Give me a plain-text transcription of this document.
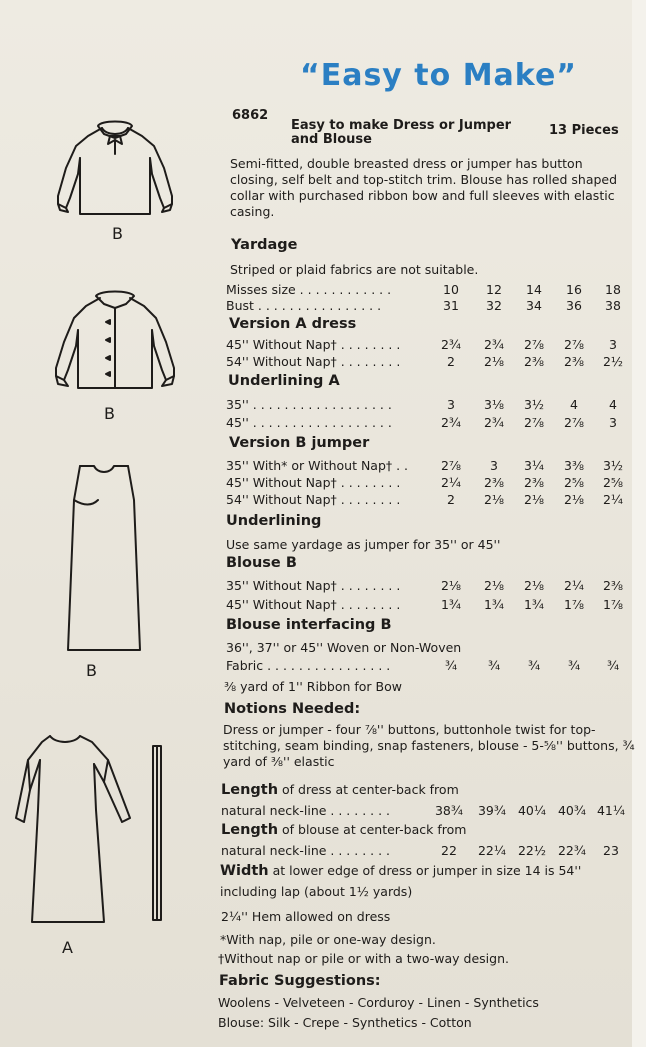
“Easy to Make”
6862
Easy to make Dress or Jumper
and Blouse
13 Pieces
Semi-fitted, double breasted dress or jumper has button closing, self belt and top-stitch trim. Blouse has rolled shaped collar with purchased ribbon bow and full sleeves with elastic casing.
Yardage
Striped or plaid fabrics are not suitable.
Misses size . . . . . . . . . . . .	10	12	14	16	18
Bust . . . . . . . . . . . . . . . .	31	32	34	36	38
Version A dress
45'' Without Nap† . . . . . . . .	2¾	2¾	2⅞	2⅞	3
54'' Without Nap† . . . . . . . .	2	2⅛	2⅜	2⅜	2½
Underlining A
35'' . . . . . . . . . . . . . . . . . .	3	3⅛	3½	4	4
45'' . . . . . . . . . . . . . . . . . .	2¾	2¾	2⅞	2⅞	3
Version B jumper
35'' With* or Without Nap† . .	2⅞	3	3¼	3⅜	3½
45'' Without Nap† . . . . . . . .	2¼	2⅜	2⅜	2⅝	2⅝
54'' Without Nap† . . . . . . . .	2	2⅛	2⅛	2⅛	2¼
Underlining
Use same yardage as jumper for 35'' or 45''
Blouse B
35'' Without Nap† . . . . . . . .	2⅛	2⅛	2⅛	2¼	2⅜
45'' Without Nap† . . . . . . . .	1¾	1¾	1¾	1⅞	1⅞
Blouse interfacing B
36'', 37'' or 45'' Woven or Non-Woven
Fabric . . . . . . . . . . . . . . . .	¾	¾	¾	¾	¾
⅜ yard of 1'' Ribbon for Bow
Notions Needed:
Dress or jumper - four ⅞'' buttons, buttonhole twist for top-stitching, seam binding, snap fasteners, blouse - 5-⅝'' buttons, ¾ yard of ⅜'' elastic
Length of dress at center-back from
natural neck-line . . . . . . . .	38¾ 39¾ 40¼ 40¾ 41¼
Length of blouse at center-back from
natural neck-line . . . . . . . .	22	22¼ 22½ 22¾	23
Width at lower edge of dress or jumper in size 14 is 54''
including lap (about 1½ yards)
2¼'' Hem allowed on dress
*With nap, pile or one-way design.
†Without nap or pile or with a two-way design.
Fabric Suggestions:
Woolens - Velveteen - Corduroy - Linen - Synthetics
Blouse: Silk - Crepe - Synthetics - Cotton
B
B
B
A
